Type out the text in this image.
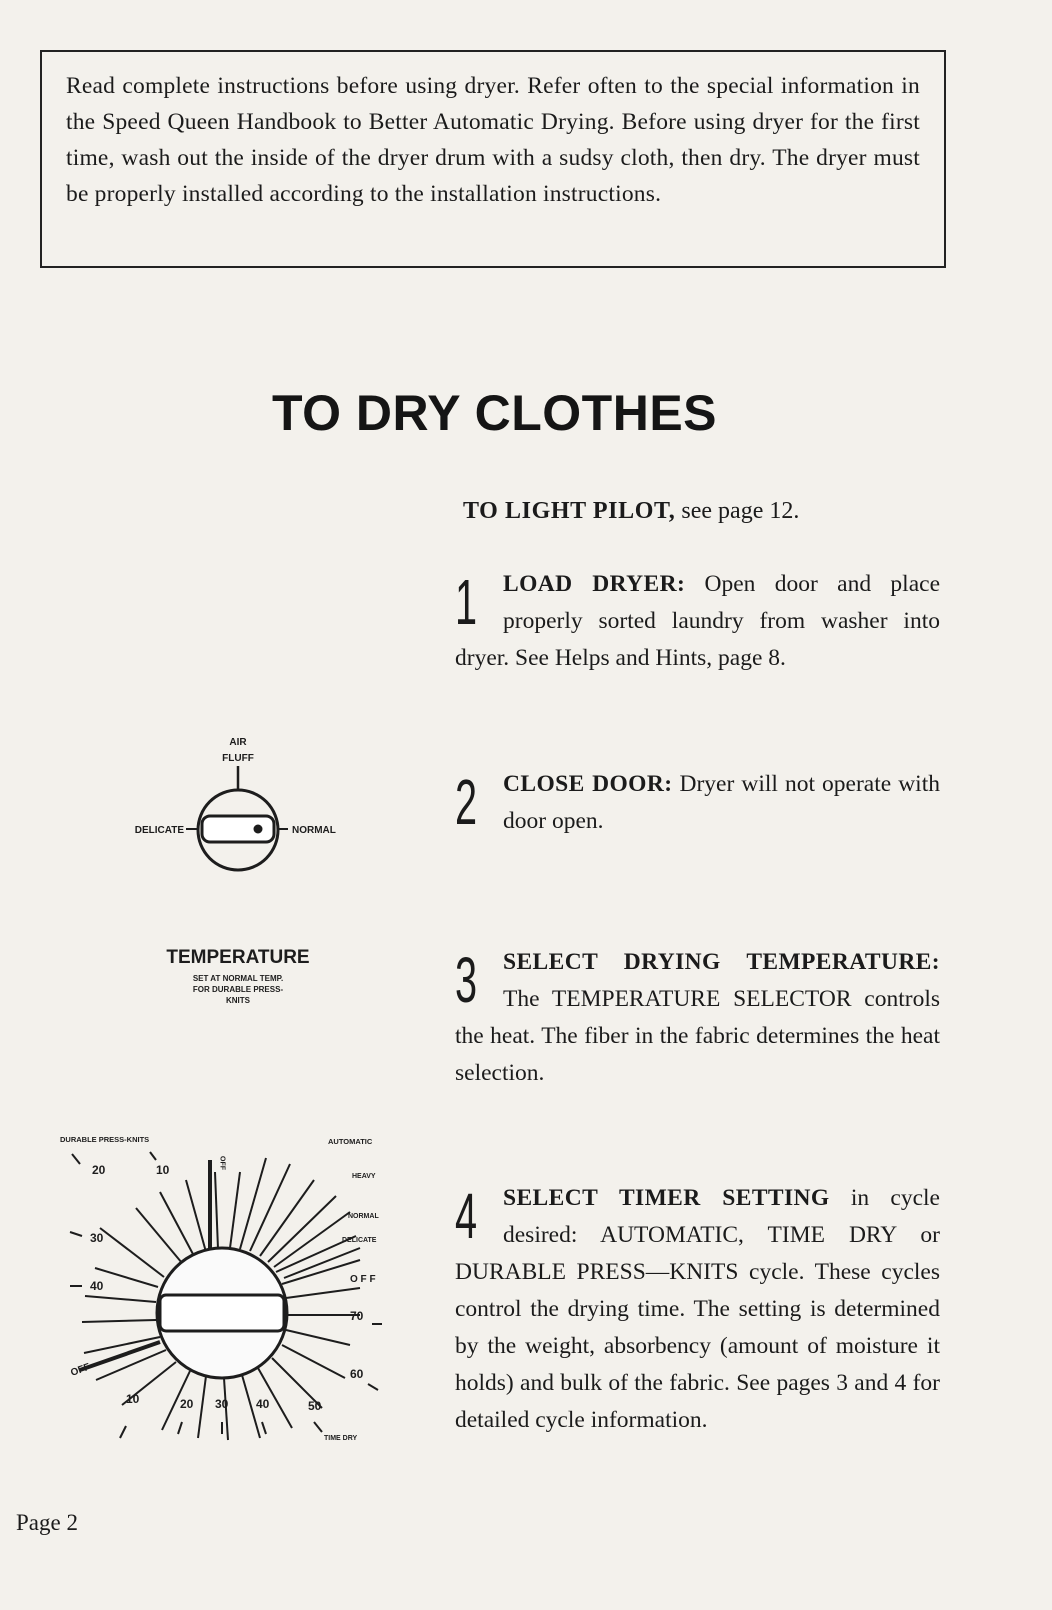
Read complete instructions before using dryer. Refer often to the special information in the Speed Queen Handbook to Better Automatic Drying. Before using dryer for the first time, wash out the inside of the dryer drum with a sudsy cloth, then dry. The dryer must be properly installed according to the installation instructions.
TO DRY CLOTHES
TO LIGHT PILOT, see page 12.
1 LOAD DRYER: Open door and place properly sorted laundry from washer into dryer. See Helps and Hints, page 8.
2 CLOSE DOOR: Dryer will not operate with door open.
3 SELECT DRYING TEMPERATURE: The TEMPERATURE SELECTOR controls the heat. The fiber in the fabric determines the heat selection.
4 SELECT TIMER SETTING in cycle desired: AUTOMATIC, TIME DRY or DURABLE PRESS—KNITS cycle. These cycles control the drying time. The setting is determined by the weight, absorbency (amount of moisture it holds) and bulk of the fabric. See pages 3 and 4 for detailed cycle information.
AIR
FLUFF
DELICATE	NORMAL
TEMPERATURE
SET AT NORMAL TEMP.
FOR DURABLE PRESS-
KNITS
DURABLE PRESS-KNITS	AUTOMATIC
HEAVY
NORMAL
DELICATE
O F F
OFF
OFF
TIME DRY
20	10
30
40
70
60
10	20 30 40	50
Page 2
